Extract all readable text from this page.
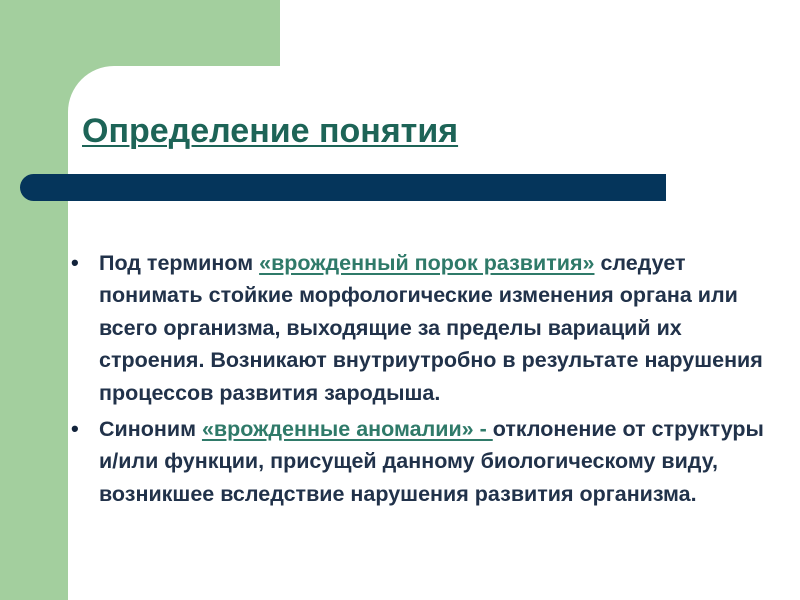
Определение понятия
• Под термином «врожденный порок развития» следует понимать стойкие морфологические изменения органа или всего организма, выходящие за пределы вариаций их строения. Возникают внутриутробно в результате нарушения процессов развития зародыша.
• Синоним «врожденные аномалии» - отклонение от структуры и/или функции, присущей данному биологическому виду, возникшее вследствие нарушения развития организма.
